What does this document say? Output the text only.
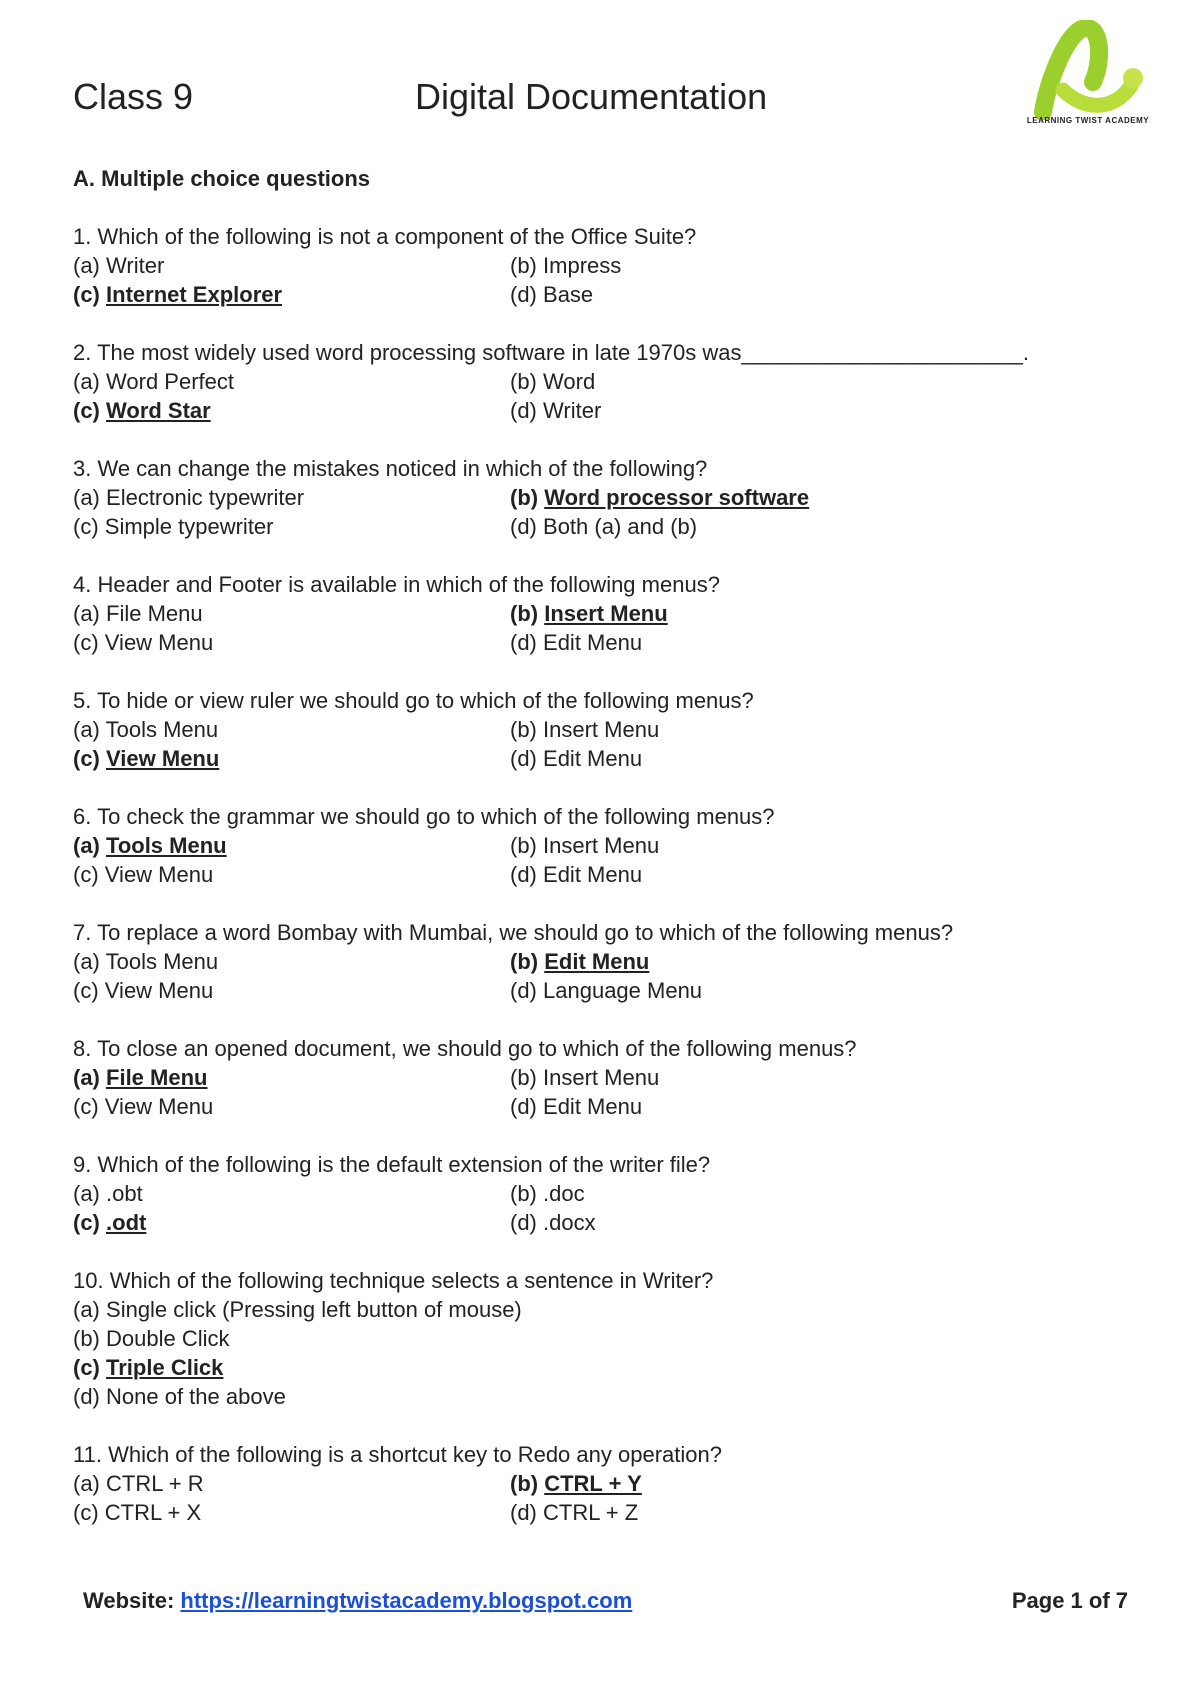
Class 9	Digital Documentation
LEARNING TWIST ACADEMY
A. Multiple choice questions
1. Which of the following is not a component of the Office Suite?
(a) Writer	(b) Impress
(c) Internet Explorer	(d) Base
2. The most widely used word processing software in late 1970s was_______________________.
(a) Word Perfect	(b) Word
(c) Word Star	(d) Writer
3. We can change the mistakes noticed in which of the following?
(a) Electronic typewriter	(b) Word processor software
(c) Simple typewriter	(d) Both (a) and (b)
4. Header and Footer is available in which of the following menus?
(a) File Menu	(b) Insert Menu
(c) View Menu	(d) Edit Menu
5. To hide or view ruler we should go to which of the following menus?
(a) Tools Menu	(b) Insert Menu
(c) View Menu	(d) Edit Menu
6. To check the grammar we should go to which of the following menus?
(a) Tools Menu	(b) Insert Menu
(c) View Menu	(d) Edit Menu
7. To replace a word Bombay with Mumbai, we should go to which of the following menus?
(a) Tools Menu	(b) Edit Menu
(c) View Menu	(d) Language Menu
8. To close an opened document, we should go to which of the following menus?
(a) File Menu	(b) Insert Menu
(c) View Menu	(d) Edit Menu
9. Which of the following is the default extension of the writer file?
(a) .obt	(b) .doc
(c) .odt	(d) .docx
10. Which of the following technique selects a sentence in Writer?
(a) Single click (Pressing left button of mouse)
(b) Double Click
(c) Triple Click
(d) None of the above
11. Which of the following is a shortcut key to Redo any operation?
(a) CTRL + R	(b) CTRL + Y
(c) CTRL + X	(d) CTRL + Z
Website: https://learningtwistacademy.blogspot.com	Page 1 of 7
